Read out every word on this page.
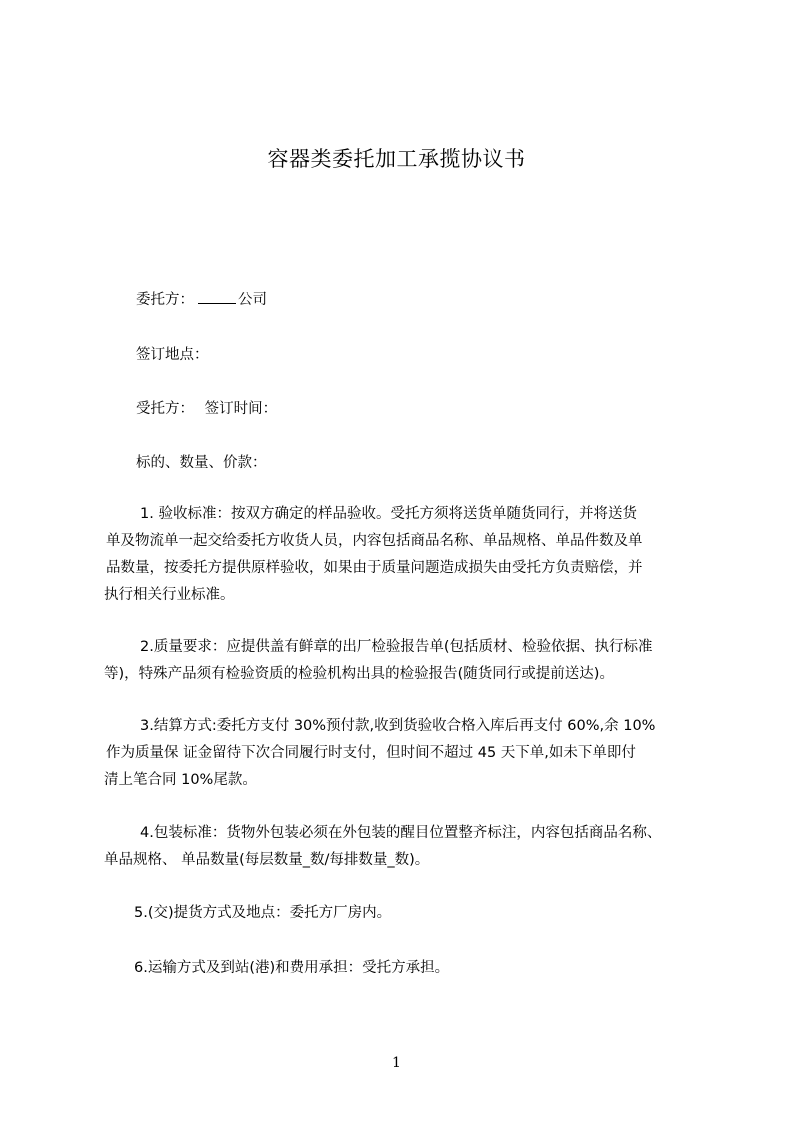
容器类委托加工承揽协议书
委托方：	公司
签订地点：
受托方： 签订时间：
标的、数量、价款：
1. 验收标准：按双方确定的样品验收。受托方须将送货单随货同行，并将送货
单及物流单一起交给委托方收货人员，内容包括商品名称、单品规格、单品件数及单
品数量，按委托方提供原样验收，如果由于质量问题造成损失由受托方负责赔偿，并
执行相关行业标准。
2.质量要求：应提供盖有鲜章的出厂检验报告单(包括质材、检验依据、执行标准
等)，特殊产品须有检验资质的检验机构出具的检验报告(随货同行或提前送达)。
3.结算方式:委托方支付 30%预付款,收到货验收合格入库后再支付 60%,余 10%
作为质量保 证金留待下次合同履行时支付，但时间不超过 45 天下单,如未下单即付
清上笔合同 10%尾款。
4.包装标准：货物外包装必须在外包装的醒目位置整齐标注，内容包括商品名称、
单品规格、 单品数量(每层数量_数/每排数量_数)。
5.(交)提货方式及地点：委托方厂房内。
6.运输方式及到站(港)和费用承担：受托方承担。
1
